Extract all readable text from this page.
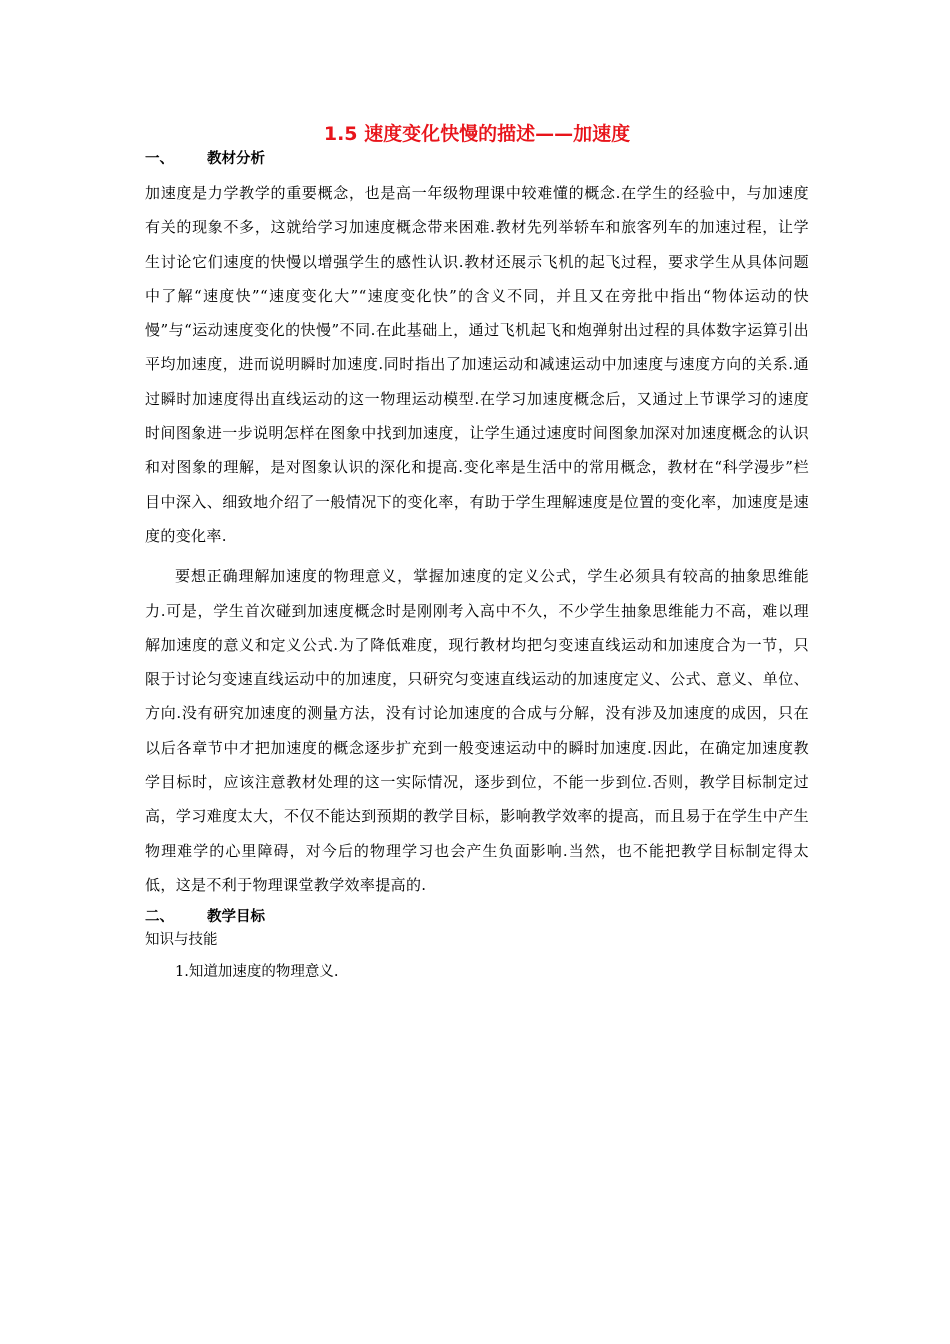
1.5 速度变化快慢的描述——加速度
一、	教材分析

加速度是力学教学的重要概念，也是高一年级物理课中较难懂的概念.在学生的经验中，与加速度有关的现象不多，这就给学习加速度概念带来困难.教材先列举轿车和旅客列车的加速过程，让学生讨论它们速度的快慢以增强学生的感性认识.教材还展示飞机的起飞过程，要求学生从具体问题中了解“速度快”“速度变化大”“速度变化快”的含义不同，并且又在旁批中指出“物体运动的快慢”与“运动速度变化的快慢”不同.在此基础上，通过飞机起飞和炮弹射出过程的具体数字运算引出平均加速度，进而说明瞬时加速度.同时指出了加速运动和减速运动中加速度与速度方向的关系.通过瞬时加速度得出直线运动的这一物理运动模型.在学习加速度概念后，又通过上节课学习的速度时间图象进一步说明怎样在图象中找到加速度，让学生通过速度时间图象加深对加速度概念的认识和对图象的理解，是对图象认识的深化和提高.变化率是生活中的常用概念，教材在“科学漫步”栏目中深入、细致地介绍了一般情况下的变化率，有助于学生理解速度是位置的变化率，加速度是速度的变化率.

要想正确理解加速度的物理意义，掌握加速度的定义公式，学生必须具有较高的抽象思维能力.可是，学生首次碰到加速度概念时是刚刚考入高中不久，不少学生抽象思维能力不高，难以理解加速度的意义和定义公式.为了降低难度，现行教材均把匀变速直线运动和加速度合为一节，只限于讨论匀变速直线运动中的加速度，只研究匀变速直线运动的加速度定义、公式、意义、单位、方向.没有研究加速度的测量方法，没有讨论加速度的合成与分解，没有涉及加速度的成因，只在以后各章节中才把加速度的概念逐步扩充到一般变速运动中的瞬时加速度.因此，在确定加速度教学目标时，应该注意教材处理的这一实际情况，逐步到位，不能一步到位.否则，教学目标制定过高，学习难度太大，不仅不能达到预期的教学目标，影响教学效率的提高，而且易于在学生中产生物理难学的心里障碍，对今后的物理学习也会产生负面影响.当然，也不能把教学目标制定得太低，这是不利于物理课堂教学效率提高的.

二、	教学目标

知识与技能

1.知道加速度的物理意义.
